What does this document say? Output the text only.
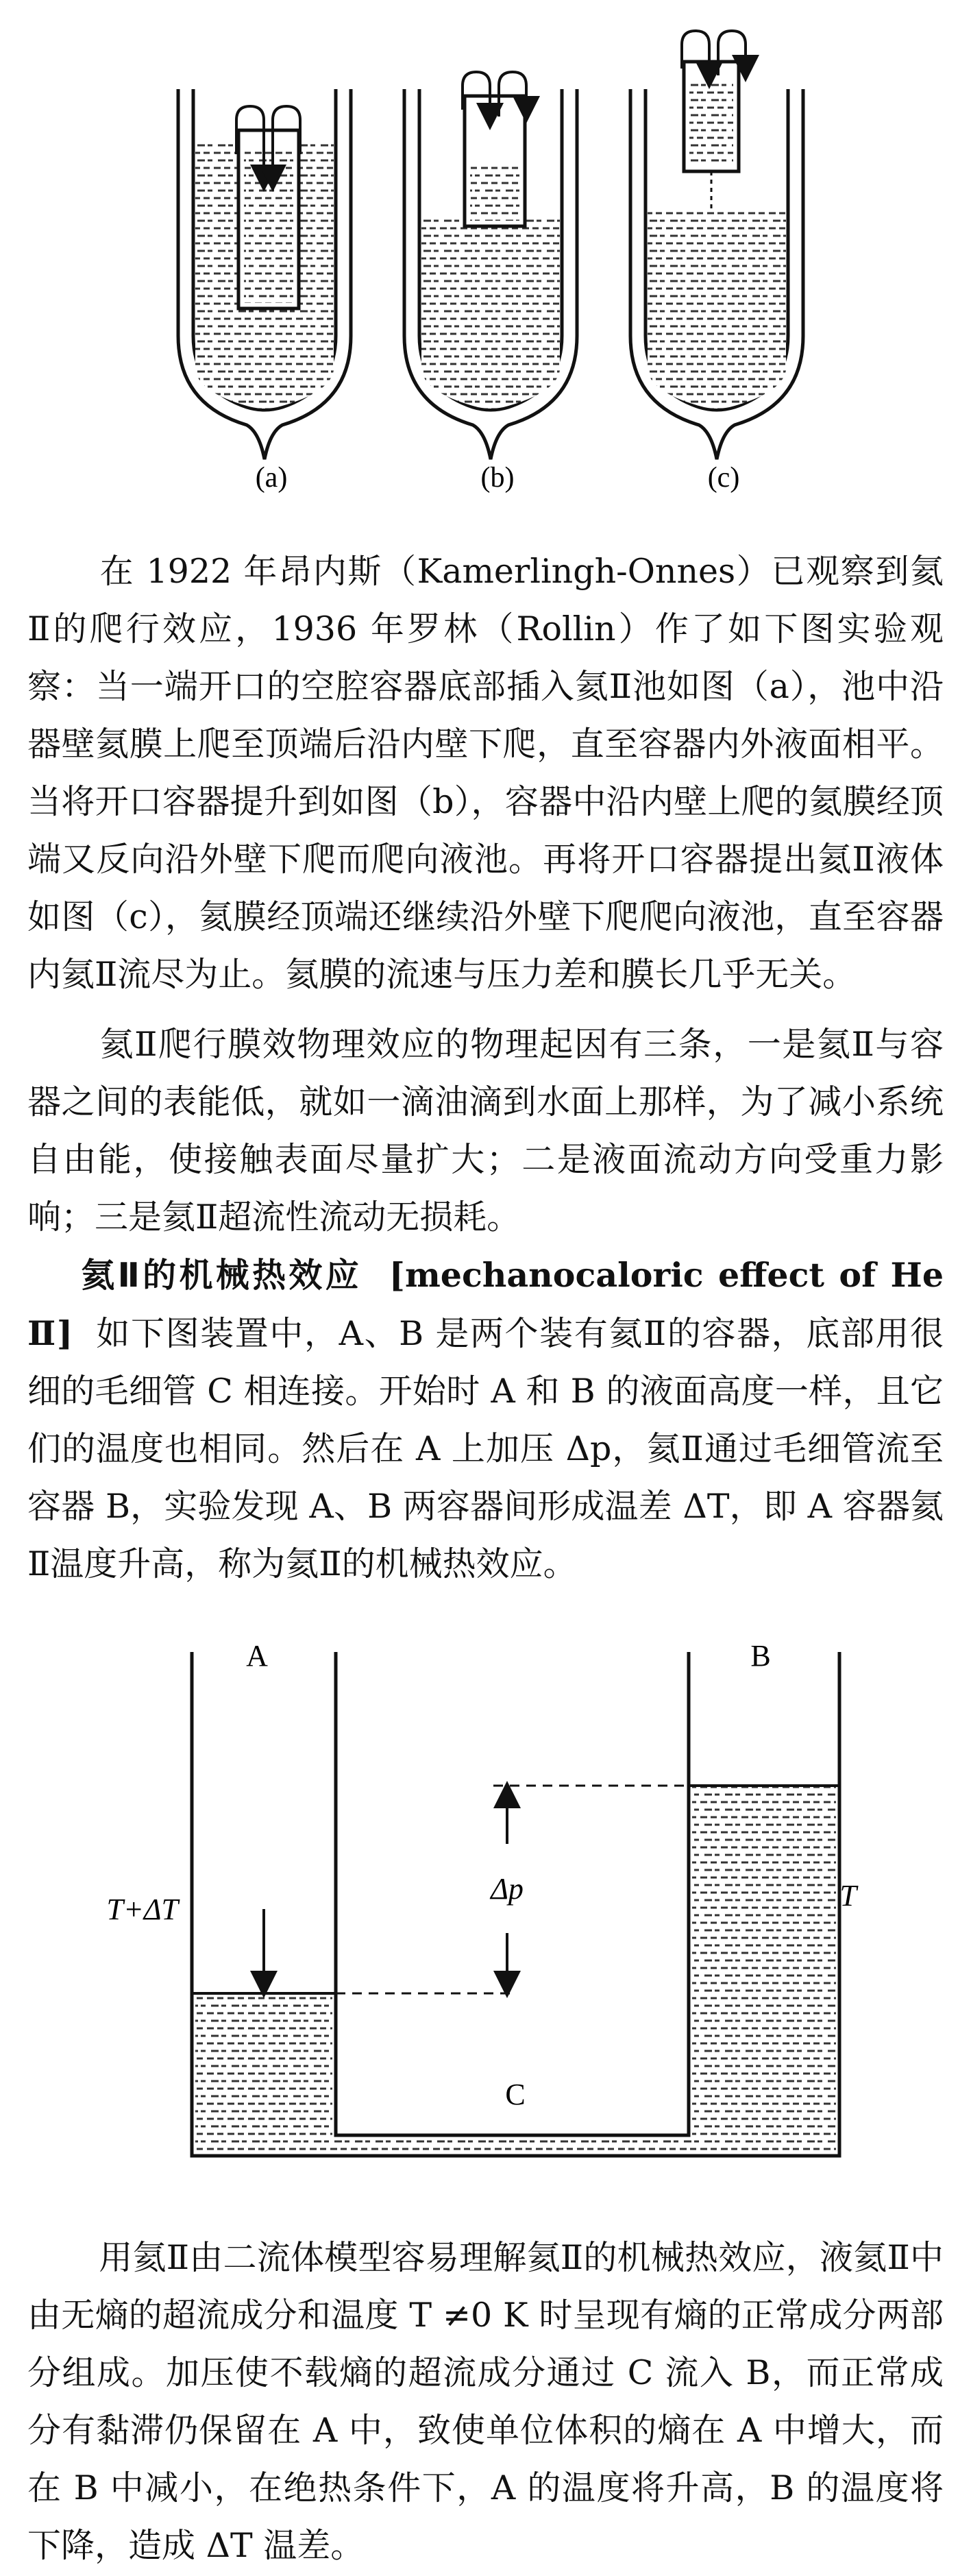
(a)	(b)	(c)

在 1922 年昂内斯（Kamerlingh-Onnes）已观察到氦Ⅱ的爬行效应，1936 年罗林（Rollin）作了如下图实验观察：当一端开口的空腔容器底部插入氦Ⅱ池如图（a），池中沿器壁氦膜上爬至顶端后沿内壁下爬，直至容器内外液面相平。当将开口容器提升到如图（b），容器中沿内壁上爬的氦膜经顶端又反向沿外壁下爬而爬向液池。再将开口容器提出氦Ⅱ液体如图（c），氦膜经顶端还继续沿外壁下爬爬向液池，直至容器内氦Ⅱ流尽为止。氦膜的流速与压力差和膜长几乎无关。

氦Ⅱ爬行膜效物理效应的物理起因有三条，一是氦Ⅱ与容器之间的表能低，就如一滴油滴到水面上那样，为了减小系统自由能，使接触表面尽量扩大；二是液面流动方向受重力影响；三是氦Ⅱ超流性流动无损耗。

氦Ⅱ的机械热效应 [mechanocaloric effect of He Ⅱ] 如下图装置中，A、B 是两个装有氦Ⅱ的容器，底部用很细的毛细管 C 相连接。开始时 A 和 B 的液面高度一样，且它们的温度也相同。然后在 A 上加压 Δp，氦Ⅱ通过毛细管流至容器 B，实验发现 A、B 两容器间形成温差 ΔT，即 A 容器氦Ⅱ温度升高，称为氦Ⅱ的机械热效应。

A	B
C
Δp
T+ΔT	T

用氦Ⅱ由二流体模型容易理解氦Ⅱ的机械热效应，液氦Ⅱ中由无熵的超流成分和温度 T ≠0 K 时呈现有熵的正常成分两部分组成。加压使不载熵的超流成分通过 C 流入 B，而正常成分有黏滞仍保留在 A 中，致使单位体积的熵在 A 中增大，而在 B 中减小，在绝热条件下，A 的温度将升高，B 的温度将下降，造成 ΔT 温差。
